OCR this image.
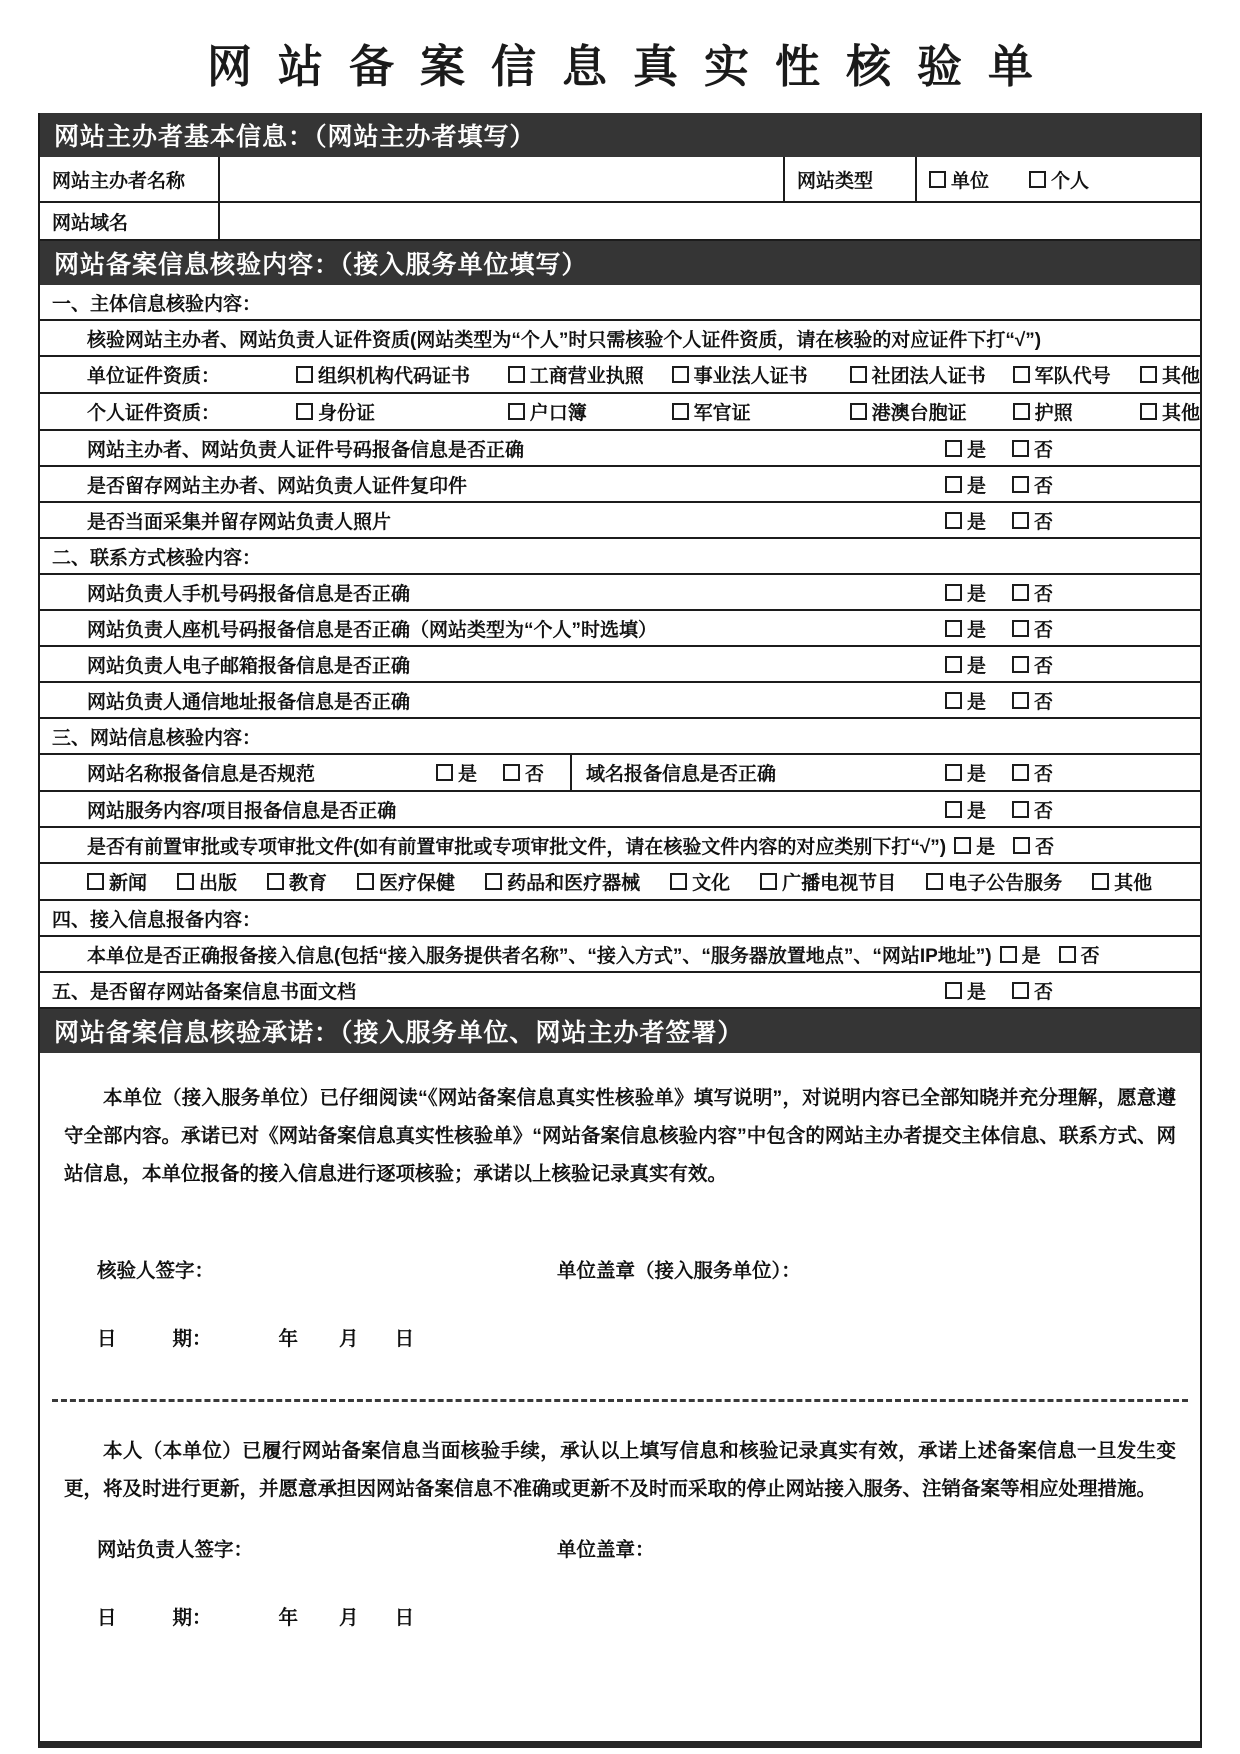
网站备案信息真实性核验单
网站主办者基本信息：（网站主办者填写）
网站主办者名称	网站类型	单位	个人
网站域名
网站备案信息核验内容：（接入服务单位填写）
一、主体信息核验内容：
核验网站主办者、网站负责人证件资质(网站类型为“个人”时只需核验个人证件资质，请在核验的对应证件下打“√”)
单位证件资质：	组织机构代码证书	工商营业执照	事业法人证书	社团法人证书	军队代号	其他
个人证件资质：	身份证	户口簿	军官证	港澳台胞证	护照	其他
网站主办者、网站负责人证件号码报备信息是否正确	是	否
是否留存网站主办者、网站负责人证件复印件	是	否
是否当面采集并留存网站负责人照片	是	否
二、联系方式核验内容：
网站负责人手机号码报备信息是否正确	是	否
网站负责人座机号码报备信息是否正确（网站类型为“个人”时选填）	是	否
网站负责人电子邮箱报备信息是否正确	是	否
网站负责人通信地址报备信息是否正确	是	否
三、网站信息核验内容：
网站名称报备信息是否规范	是	否 域名报备信息是否正确	是	否
网站服务内容/项目报备信息是否正确	是	否
是否有前置审批或专项审批文件(如有前置审批或专项审批文件，请在核验文件内容的对应类别下打“√”) 是 否
新闻	出版	教育	医疗保健	药品和医疗器械	文化	广播电视节目	电子公告服务	其他
四、接入信息报备内容：
本单位是否正确报备接入信息(包括“接入服务提供者名称”、“接入方式”、“服务器放置地点”、“网站IP地址”) 是 否
五、是否留存网站备案信息书面文档	是	否
网站备案信息核验承诺：（接入服务单位、网站主办者签署）

本单位（接入服务单位）已仔细阅读“《网站备案信息真实性核验单》填写说明”，对说明内容已全部知晓并充分理解，愿意遵守全部内容。承诺已对《网站备案信息真实性核验单》“网站备案信息核验内容”中包含的网站主办者提交主体信息、联系方式、网站信息，本单位报备的接入信息进行逐项核验；承诺以上核验记录真实有效。

核验人签字：	单位盖章（接入服务单位）：
日	期：	年 月 日

本人（本单位）已履行网站备案信息当面核验手续，承认以上填写信息和核验记录真实有效，承诺上述备案信息一旦发生变更，将及时进行更新，并愿意承担因网站备案信息不准确或更新不及时而采取的停止网站接入服务、注销备案等相应处理措施。

网站负责人签字：	单位盖章：
日	期：	年 月 日
